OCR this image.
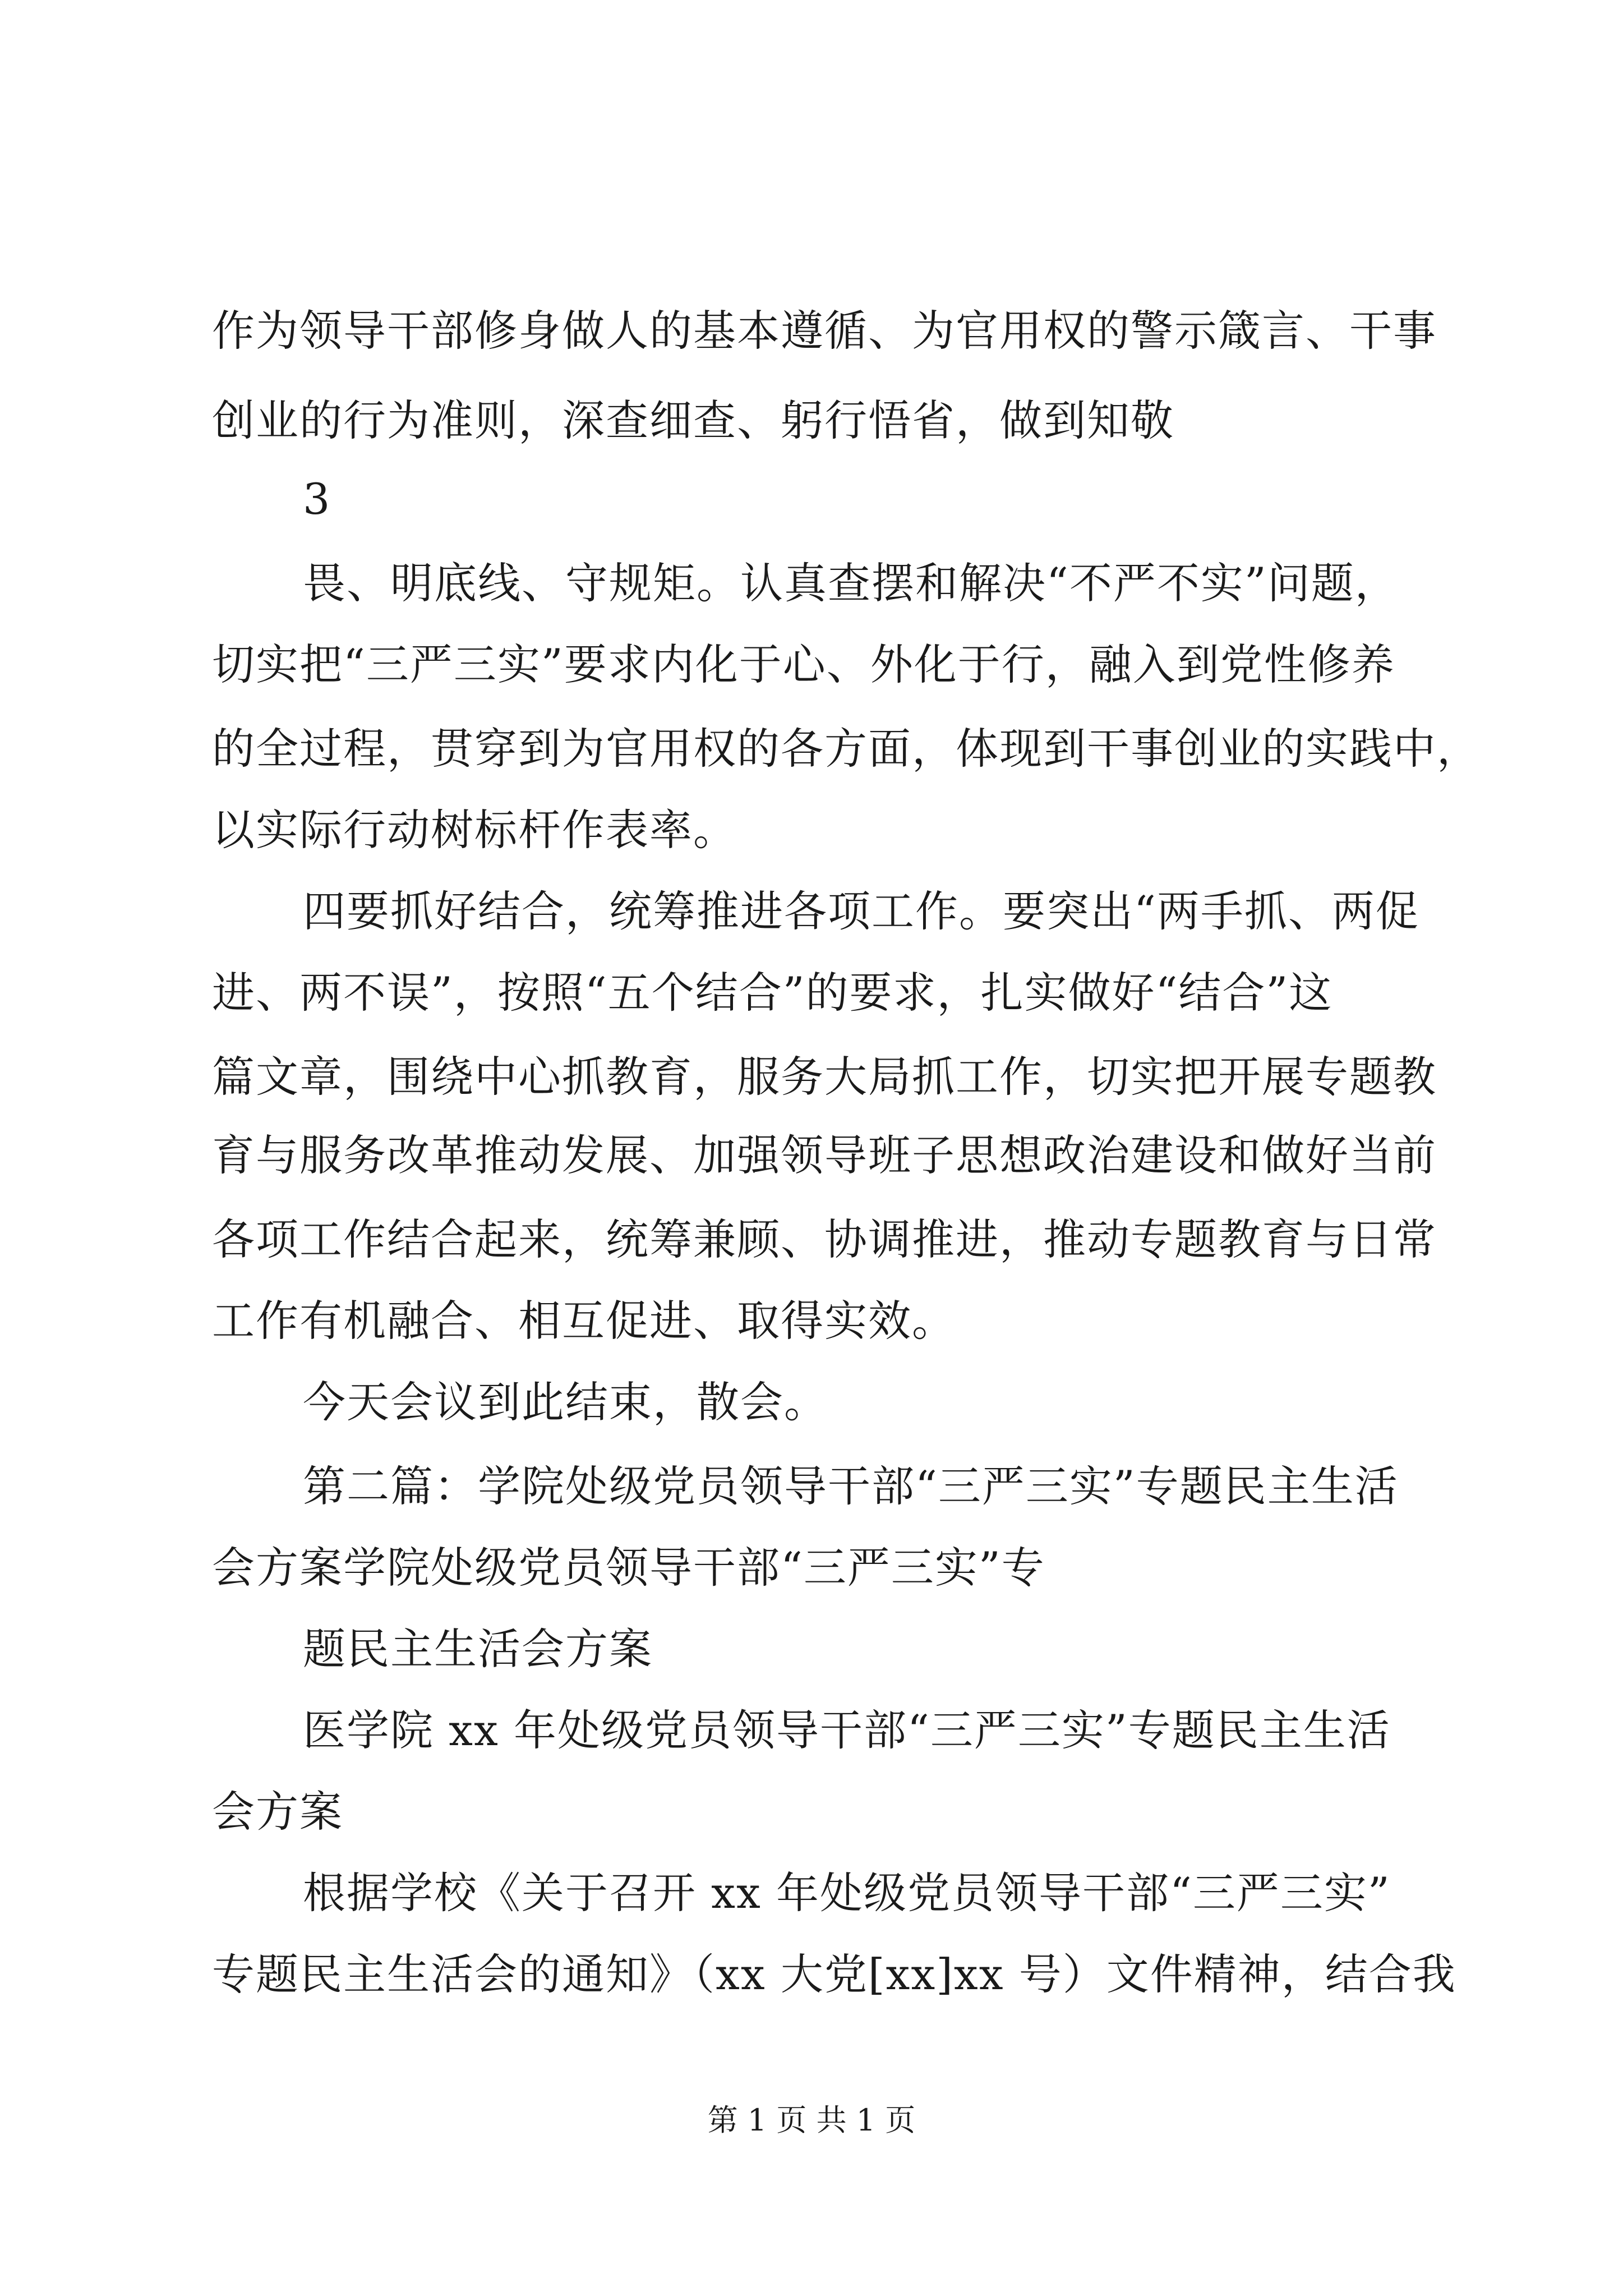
作为领导干部修身做人的基本遵循、为官用权的警示箴言、干事
创业的行为准则，深查细查、躬行悟省，做到知敬
3
畏、明底线、守规矩。认真查摆和解决“不严不实”问题，
切实把“三严三实”要求内化于心、外化于行，融入到党性修养
的全过程，贯穿到为官用权的各方面，体现到干事创业的实践中，
以实际行动树标杆作表率。
四要抓好结合，统筹推进各项工作。要突出“两手抓、两促
进、两不误”，按照“五个结合”的要求，扎实做好“结合”这
篇文章，围绕中心抓教育，服务大局抓工作，切实把开展专题教
育与服务改革推动发展、加强领导班子思想政治建设和做好当前
各项工作结合起来，统筹兼顾、协调推进，推动专题教育与日常
工作有机融合、相互促进、取得实效。
今天会议到此结束，散会。
第二篇：学院处级党员领导干部“三严三实”专题民主生活
会方案学院处级党员领导干部“三严三实”专
题民主生活会方案
医学院 xx 年处级党员领导干部“三严三实”专题民主生活
会方案
根据学校《关于召开 xx 年处级党员领导干部“三严三实”
专题民主生活会的通知》（xx 大党[xx]xx 号）文件精神，结合我
第 1 页 共 1 页
